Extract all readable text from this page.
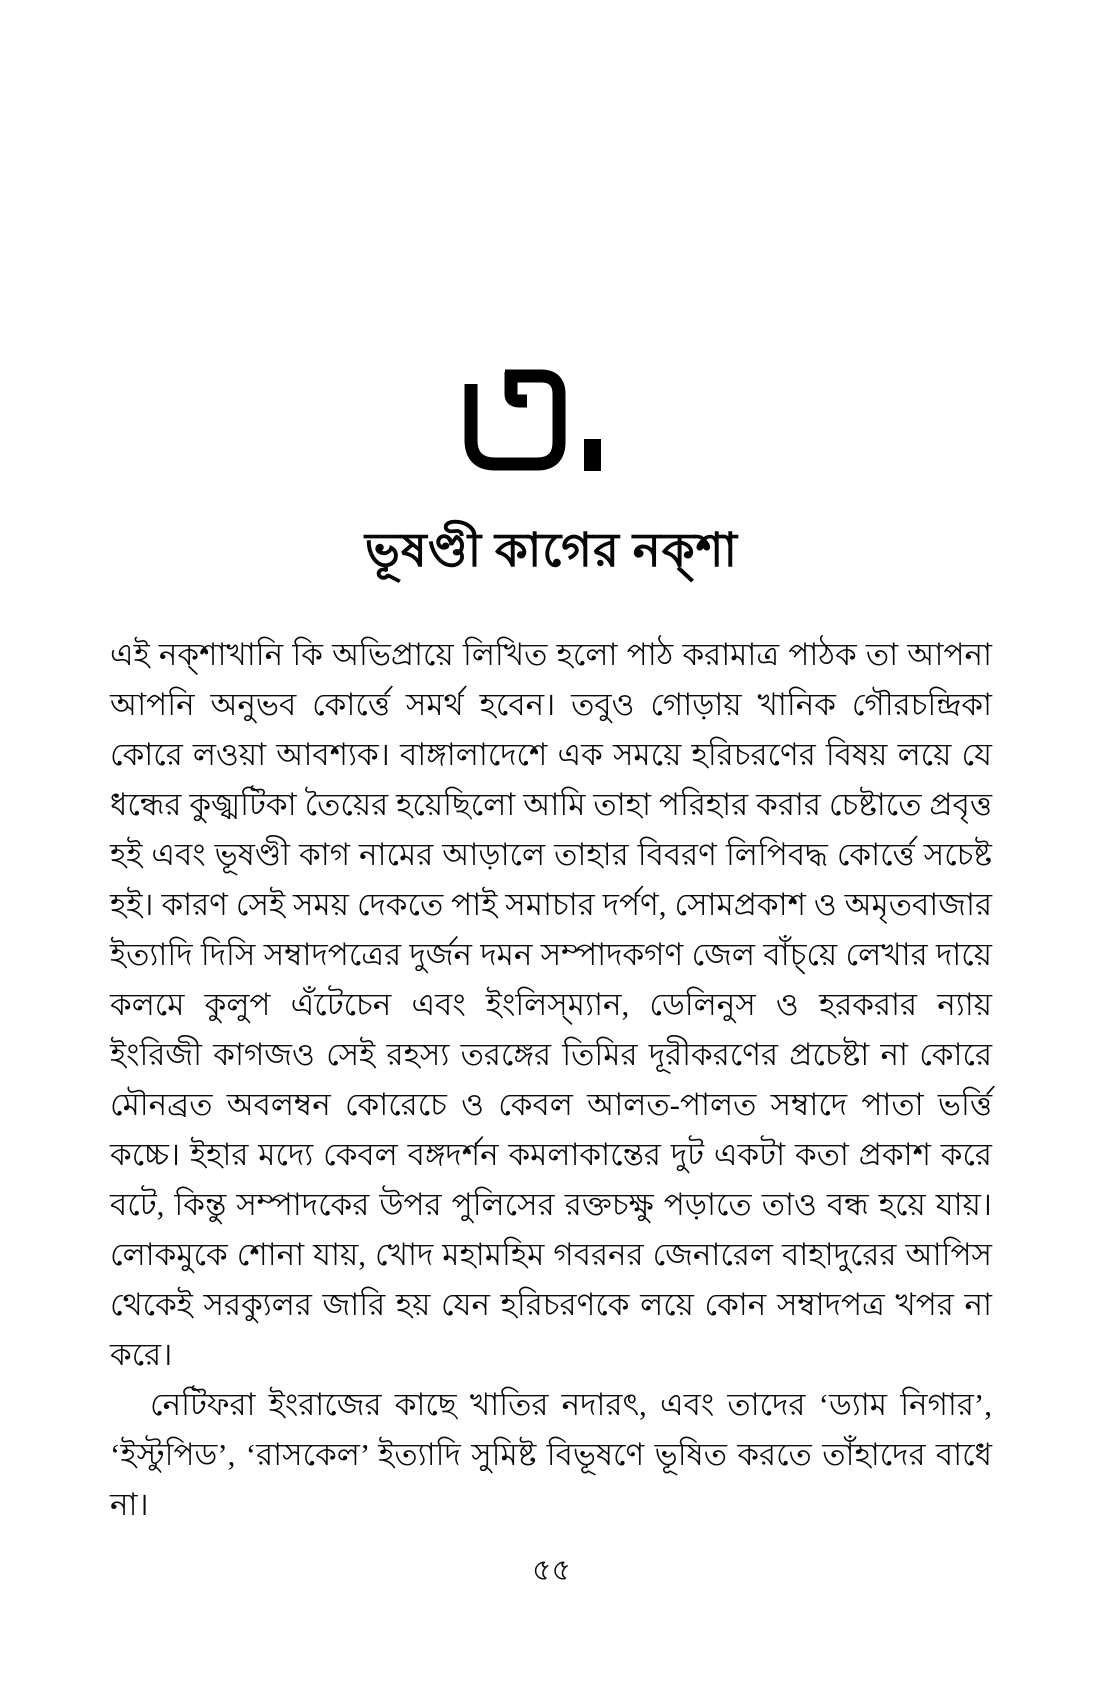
ভূষণ্ডী কাগের নক্‌শা

এই নক্‌শাখানি কি অভিপ্রায়ে লিখিত হলো পাঠ করামাত্র পাঠক তা আপনা আপনি অনুভব কোর্ত্তে সমর্থ হবেন। তবুও গোড়ায় খানিক গৌরচন্দ্রিকা কোরে লওয়া আবশ্যক। বাঙ্গালাদেশে এক সময়ে হরিচরণের বিষয় লয়ে যে ধন্ধের কুজ্ঝটিকা তৈয়ের হয়েছিলো আমি তাহা পরিহার করার চেষ্টাতে প্রবৃত্ত হই এবং ভূষণ্ডী কাগ নামের আড়ালে তাহার বিবরণ লিপিবদ্ধ কোর্ত্তে সচেষ্ট হই। কারণ সেই সময় দেকতে পাই সমাচার দর্পণ, সোমপ্রকাশ ও অমৃতবাজার ইত্যাদি দিসি সম্বাদপত্রের দুর্জন দমন সম্পাদকগণ জেল বাঁচ্‌য়ে লেখার দায়ে কলমে কুলুপ এঁটেচেন এবং ইংলিস্‌ম্যান, ডেলিনুস ও হরকরার ন্যায় ইংরিজী কাগজও সেই রহস্য তরঙ্গের তিমির দূরীকরণের প্রচেষ্টা না কোরে মৌনব্রত অবলম্বন কোরেচে ও কেবল আলত-পালত সম্বাদে পাতা ভর্ত্তি কচ্চে। ইহার মদ্যে কেবল বঙ্গদর্শন কমলাকান্তের দুট একটা কতা প্রকাশ করে বটে, কিন্তু সম্পাদকের উপর পুলিসের রক্তচক্ষু পড়াতে তাও বন্ধ হয়ে যায়। লোকমুকে শোনা যায়, খোদ মহামহিম গবরনর জেনারেল বাহাদুরের আপিস থেকেই সরক্যুলর জারি হয় যেন হরিচরণকে লয়ে কোন সম্বাদপত্র খপর না করে।

নেটিফরা ইংরাজের কাছে খাতির নদারৎ, এবং তাদের ‘ড্যাম নিগার’, ‘ইস্টুপিড’, ‘রাসকেল’ ইত্যাদি সুমিষ্ট বিভূষণে ভূষিত করতে তাঁহাদের বাধে না।

৫৫
